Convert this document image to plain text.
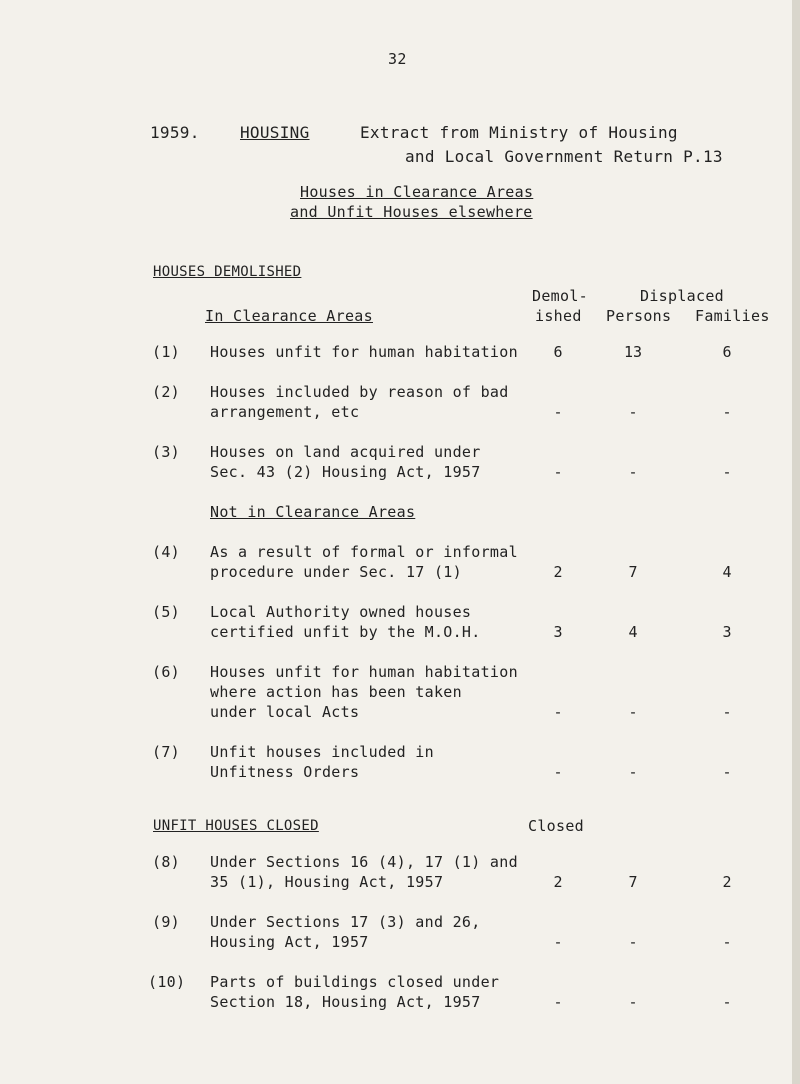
32
1959.	HOUSING	Extract from Ministry of Housing
and Local Government Return P.13
Houses in Clearance Areas
and Unfit Houses elsewhere
HOUSES DEMOLISHED
In Clearance Areas
Demol-
ished
Displaced
Persons Families
(1) Houses unfit for human habitation	6	13	6
(2) Houses included by reason of bad
arrangement, etc	-	-	-
(3) Houses on land acquired under
Sec. 43 (2) Housing Act, 1957	-	-	-
Not in Clearance Areas
(4) As a result of formal or informal
procedure under Sec. 17 (1)	2	7	4
(5) Local Authority owned houses
certified unfit by the M.O.H.	3	4	3
(6) Houses unfit for human habitation
where action has been taken
under local Acts	-	-	-
(7) Unfit houses included in
Unfitness Orders	-	-	-
UNFIT HOUSES CLOSED	Closed
(8) Under Sections 16 (4), 17 (1) and
35 (1), Housing Act, 1957	2	7	2
(9) Under Sections 17 (3) and 26,
Housing Act, 1957	-	-	-
(10) Parts of buildings closed under
Section 18, Housing Act, 1957	-	-	-
